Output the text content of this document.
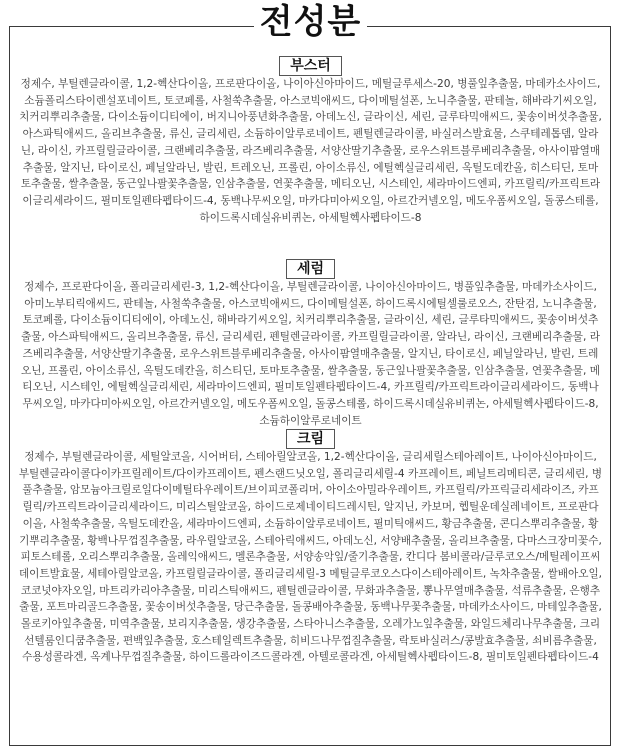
전성분
부스터

정제수, 부틸렌글라이콜, 1,2-헥산다이올, 프로판다이올, 나이아신아마이드, 메틸글루세스-20, 병풀잎추출물, 마데카소사이드, 소듐폴리스타이렌설포네이트, 토코페롤, 사철쑥추출물, 아스코빅애씨드, 다이메틸설폰, 노니추출물, 판테놀, 해바라기씨오일, 치커리뿌리추출물, 다이소듐이디티에이, 버지니아풍년화추출물, 아데노신, 글라이신, 세린, 글루타믹애씨드, 꽃송이버섯추출물, 아스파틱애씨드, 올리브추출물, 류신, 글리세린, 소듐하이알루로네이트, 펜틸렌글라이콜, 바실러스발효물, 스쿠테레톱뎀, 알라닌, 라이신, 카프릴릴글라이콜, 크랜베리추출물, 라즈베리추출물, 서양산딸기추출물, 로우스위트블루베리추출물, 아사이팜열매추출물, 알지닌, 타이로신, 페닐알라닌, 발린, 트레오닌, 프롤린, 아이소류신, 에틸헥실글리세린, 옥틸도데칸올, 히스티딘, 토마토추출물, 쌀추출물, 동근잎나팔꽃추출물, 인삼추출물, 연꽃추출물, 메티오닌, 시스테인, 세라마이드엔피, 카프릴릭/카프릭트라이글리세라이드, 필미토일펜타펩타이드-4, 동백나무씨오일, 마카다미아씨오일, 아르간커넬오일, 메도우폼씨오일, 돌콩스테롤, 하이드록시데실유비퀴논, 아세틸헥사펩타이드-8

세럼

정제수, 프로판다이올, 폴리글리세린-3, 1,2-헥산다이올, 부틸렌글라이콜, 나이아신아마이드, 병풀잎추출물, 마데카소사이드, 아미노부티릭애씨드, 판테놀, 사철쑥추출물, 아스코빅애씨드, 다이메틸설폰, 하이드록시에틸셀룰로오스, 잔탄검, 노니추출물, 토코페롤, 다이소듐이디티에이, 아데노신, 해바라기씨오일, 치커리뿌리추출물, 글라이신, 세린, 글루타믹애씨드, 꽃송이버섯추출물, 아스파틱애씨드, 올리브추출물, 류신, 글리세린, 펜틸렌글라이콜, 카프릴릴글라이콜, 알라닌, 라이신, 크랜베리추출물, 라즈베리추출물, 서양산딸기추출물, 로우스위트블루베리추출물, 아사이팜열매추출물, 알지닌, 타이로신, 페닐알라닌, 발린, 트레오닌, 프롤린, 아이소류신, 옥틸도데칸올, 히스티딘, 토마토추출물, 쌀추출물, 동근잎나팔꽃추출물, 인삼추출물, 연꽃추출물, 메티오닌, 시스테인, 에틸헥실글리세린, 세라마이드엔피, 필미토일펜타펩타이드-4, 카프릴릭/카프릭트라이글리세라이드, 동백나무씨오일, 마카다미아씨오일, 아르간커넬오일, 메도우폼씨오일, 돌콩스테롤, 하이드록시데실유비퀴논, 아세틸헥사펩타이드-8, 소듐하이알루로네이트

크림

정제수, 부틸렌글라이콜, 세틸알코올, 시어버터, 스테아릴알코올, 1,2-헥산다이올, 글리세릴스테아레이트, 나이아신아마이드, 부틸렌글라이콜다이카프릴레이트/다이카프레이트, 펜스랜드닛오일, 폴리글리세릴-4 카프레이트, 페닐트리메티콘, 글리세린, 병풀추출물, 암모늄아크릴로일다이메틸타우레이트/브이피코폴리머, 아이소아밀라우레이트, 카프릴릭/카프릭글리세라이즈, 카프릴릭/카프릭트라이글리세라이드, 미리스틸알코올, 하이드로제네이티드레시틴, 알지닌, 카보머, 헵틸운데실레네이트, 프로판다이올, 사철쑥추출물, 옥틸도데칸올, 세라마이드엔피, 소듐하이알루로네이트, 필미틱애씨드, 황금추출물, 콘디스뿌리추출물, 황기뿌리추출물, 황백나무껍질추출물, 라우릴알코올, 스테아릭애씨드, 아데노신, 서양배추출물, 올리브추출물, 다마스크장미꽃수, 피토스테롤, 오리스뿌리추출물, 올레익애씨드, 멜론추출물, 서양송악잎/줄기추출물, 칸디다 봄비콜라/글루코오스/메틸레이프씨데이트발효물, 세테아릴알코올, 카프릴릴글라이콜, 폴리글리세릴-3 메틸글루코오스다이스테아레이트, 녹차추출물, 쌀배아오일, 코코넛야자오일, 마트리카리아추출물, 미리스틱애씨드, 펜틸렌글라이콜, 무화과추출물, 뽕나무열매추출물, 석류추출물, 은행추출물, 포트마리골드추출물, 꽃송이버섯추출물, 당근추출물, 돌콩배아추출물, 동백나무꽃추출물, 마데카소사이드, 마테잎추출물, 몰로키아잎추출물, 미역추출물, 보리지추출물, 생강추출물, 스타아니스추출물, 오레가노잎추출물, 와일드체리나무추출물, 크리선텔룸인디쿰추출물, 편백잎추출물, 호스테일렉트추출물, 히비드나무껍질추출물, 락토바실러스/콩발효추출물, 쇠비름추출물, 수용성콜라겐, 옥계나무껍질추출물, 하이드롤라이즈드콜라겐, 아텔로콜라겐, 아세틸헥사펩타이드-8, 필미토일펜타펩타이드-4
